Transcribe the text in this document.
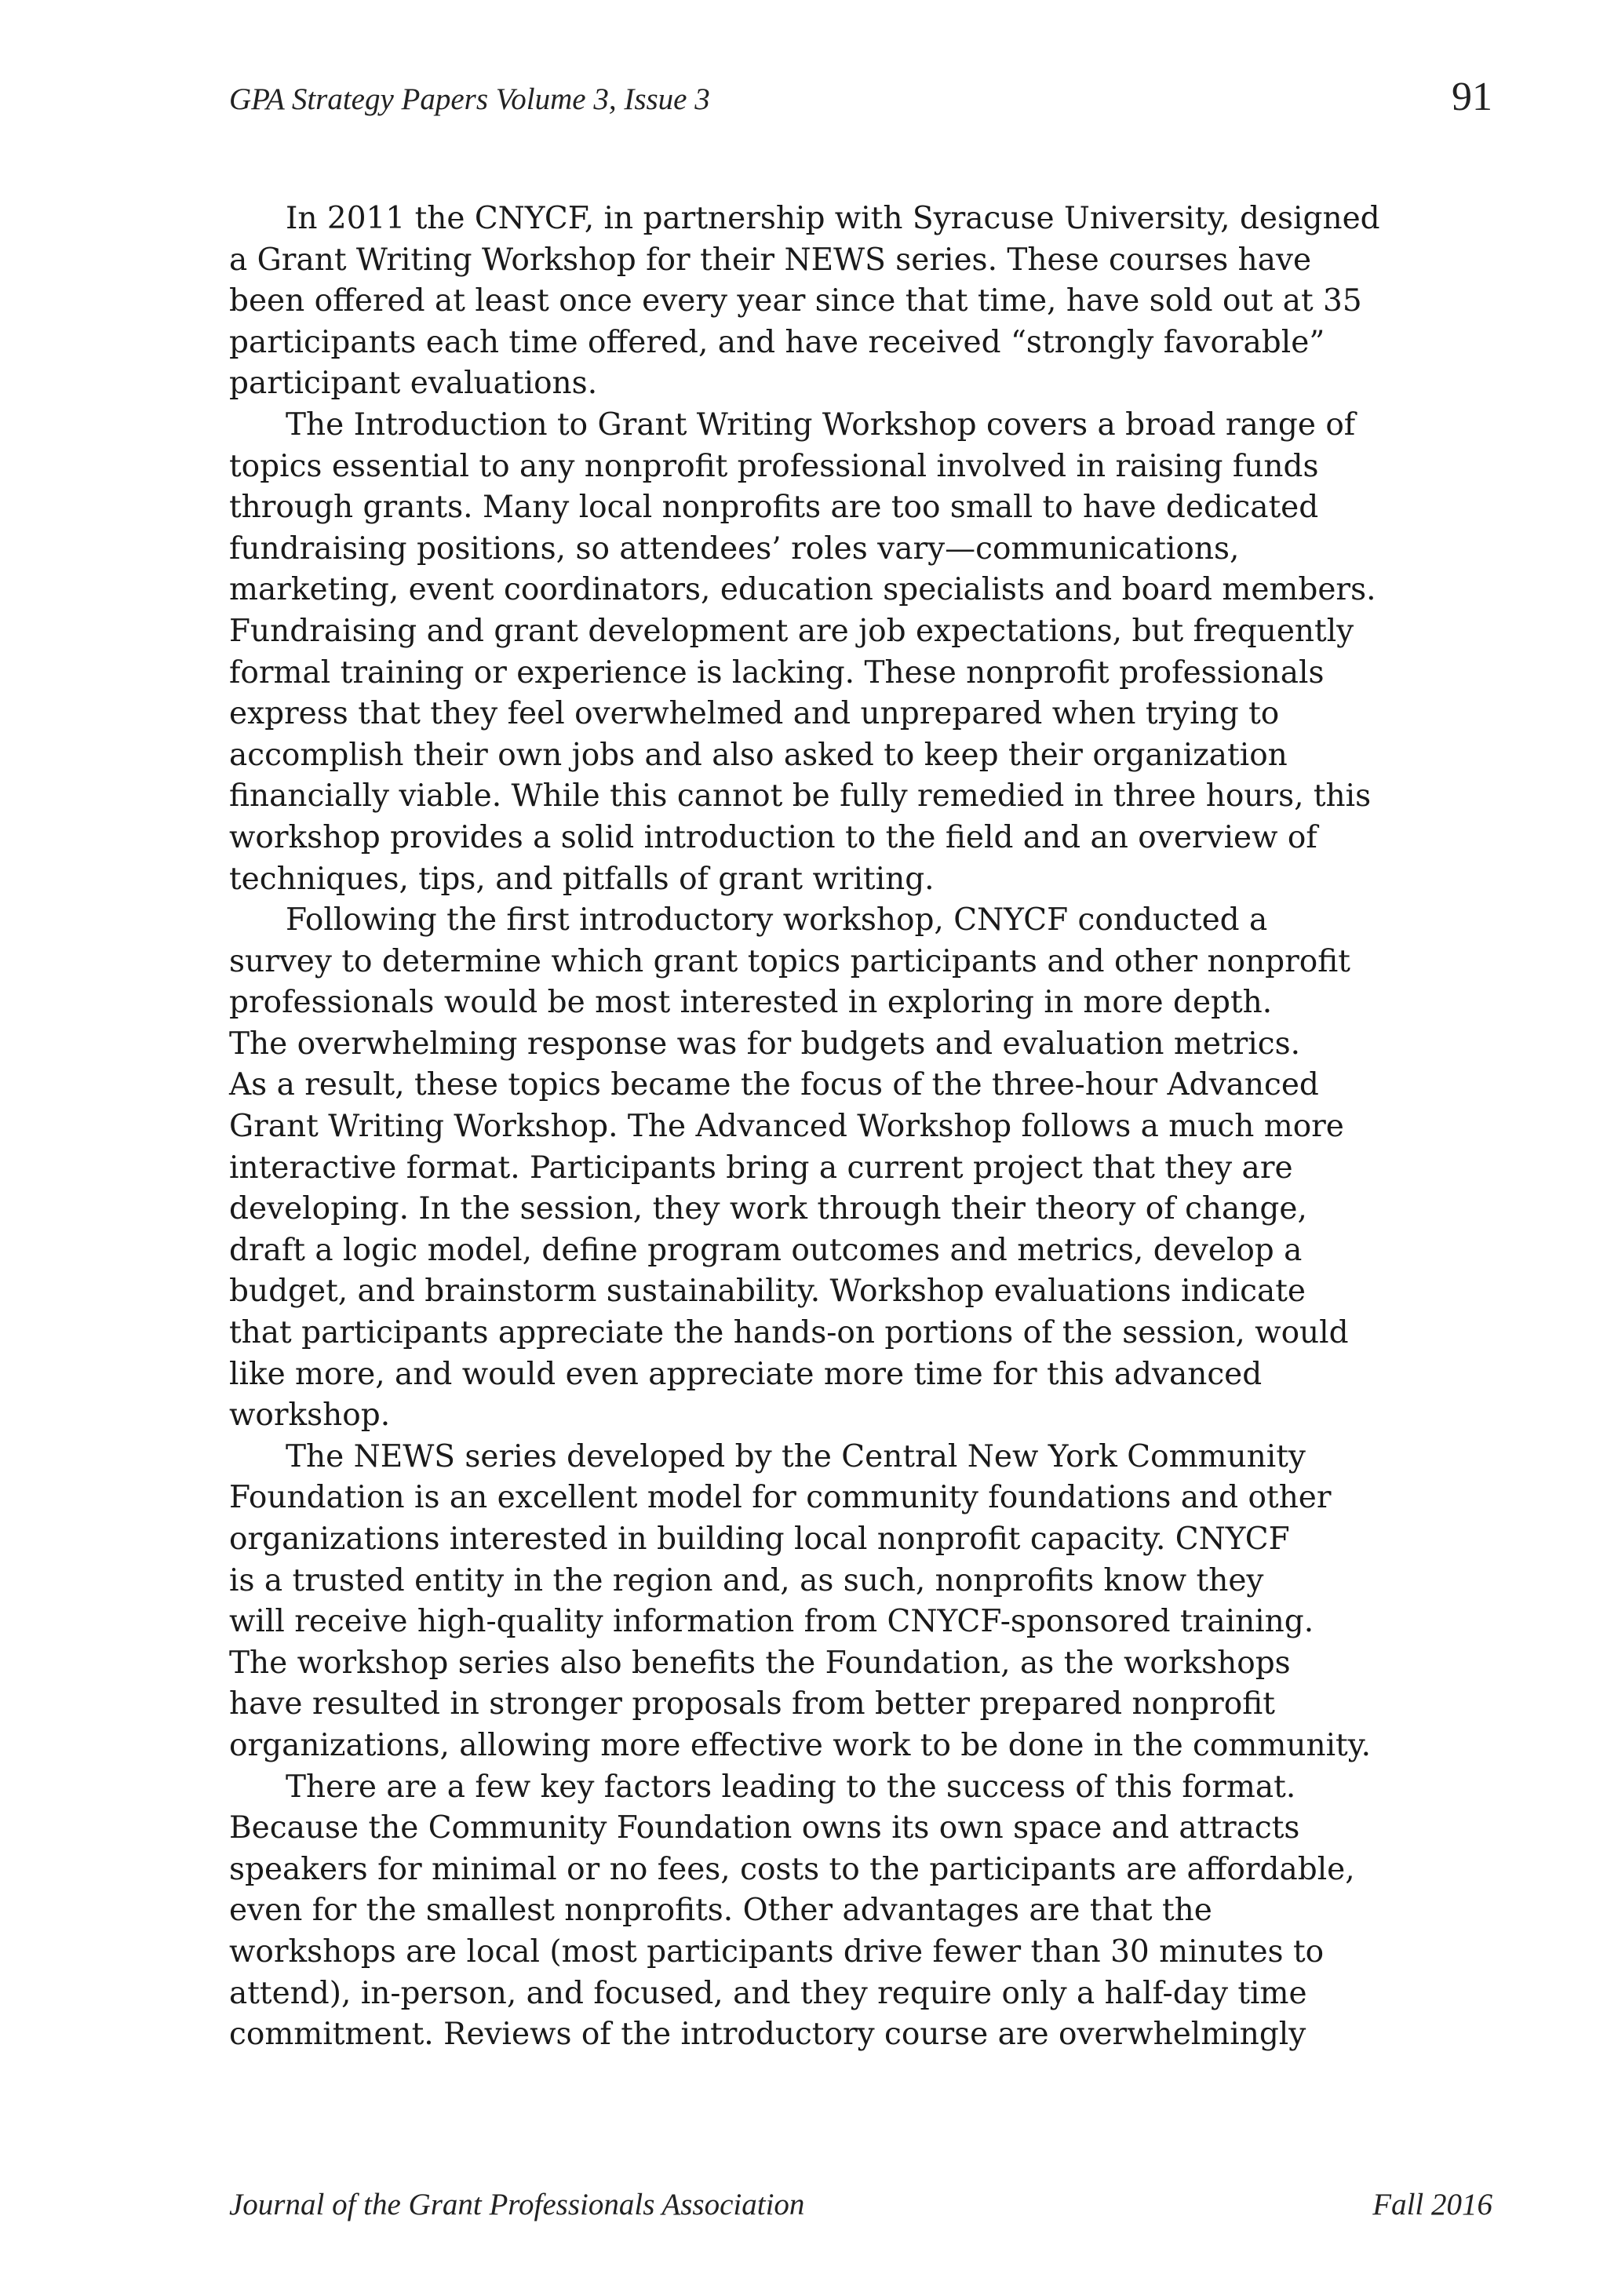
GPA Strategy Papers Volume 3, Issue 3	91
In 2011 the CNYCF, in partnership with Syracuse University, designed
a Grant Writing Workshop for their NEWS series. These courses have
been offered at least once every year since that time, have sold out at 35
participants each time offered, and have received “strongly favorable”
participant evaluations.
The Introduction to Grant Writing Workshop covers a broad range of
topics essential to any nonprofit professional involved in raising funds
through grants. Many local nonprofits are too small to have dedicated
fundraising positions, so attendees’ roles vary—communications,
marketing, event coordinators, education specialists and board members.
Fundraising and grant development are job expectations, but frequently
formal training or experience is lacking. These nonprofit professionals
express that they feel overwhelmed and unprepared when trying to
accomplish their own jobs and also asked to keep their organization
financially viable. While this cannot be fully remedied in three hours, this
workshop provides a solid introduction to the field and an overview of
techniques, tips, and pitfalls of grant writing.
Following the first introductory workshop, CNYCF conducted a
survey to determine which grant topics participants and other nonprofit
professionals would be most interested in exploring in more depth.
The overwhelming response was for budgets and evaluation metrics.
As a result, these topics became the focus of the three-hour Advanced
Grant Writing Workshop. The Advanced Workshop follows a much more
interactive format. Participants bring a current project that they are
developing. In the session, they work through their theory of change,
draft a logic model, define program outcomes and metrics, develop a
budget, and brainstorm sustainability. Workshop evaluations indicate
that participants appreciate the hands-on portions of the session, would
like more, and would even appreciate more time for this advanced
workshop.
The NEWS series developed by the Central New York Community
Foundation is an excellent model for community foundations and other
organizations interested in building local nonprofit capacity. CNYCF
is a trusted entity in the region and, as such, nonprofits know they
will receive high-quality information from CNYCF-sponsored training.
The workshop series also benefits the Foundation, as the workshops
have resulted in stronger proposals from better prepared nonprofit
organizations, allowing more effective work to be done in the community.
There are a few key factors leading to the success of this format.
Because the Community Foundation owns its own space and attracts
speakers for minimal or no fees, costs to the participants are affordable,
even for the smallest nonprofits. Other advantages are that the
workshops are local (most participants drive fewer than 30 minutes to
attend), in-person, and focused, and they require only a half-day time
commitment. Reviews of the introductory course are overwhelmingly
Journal of the Grant Professionals Association	Fall 2016
